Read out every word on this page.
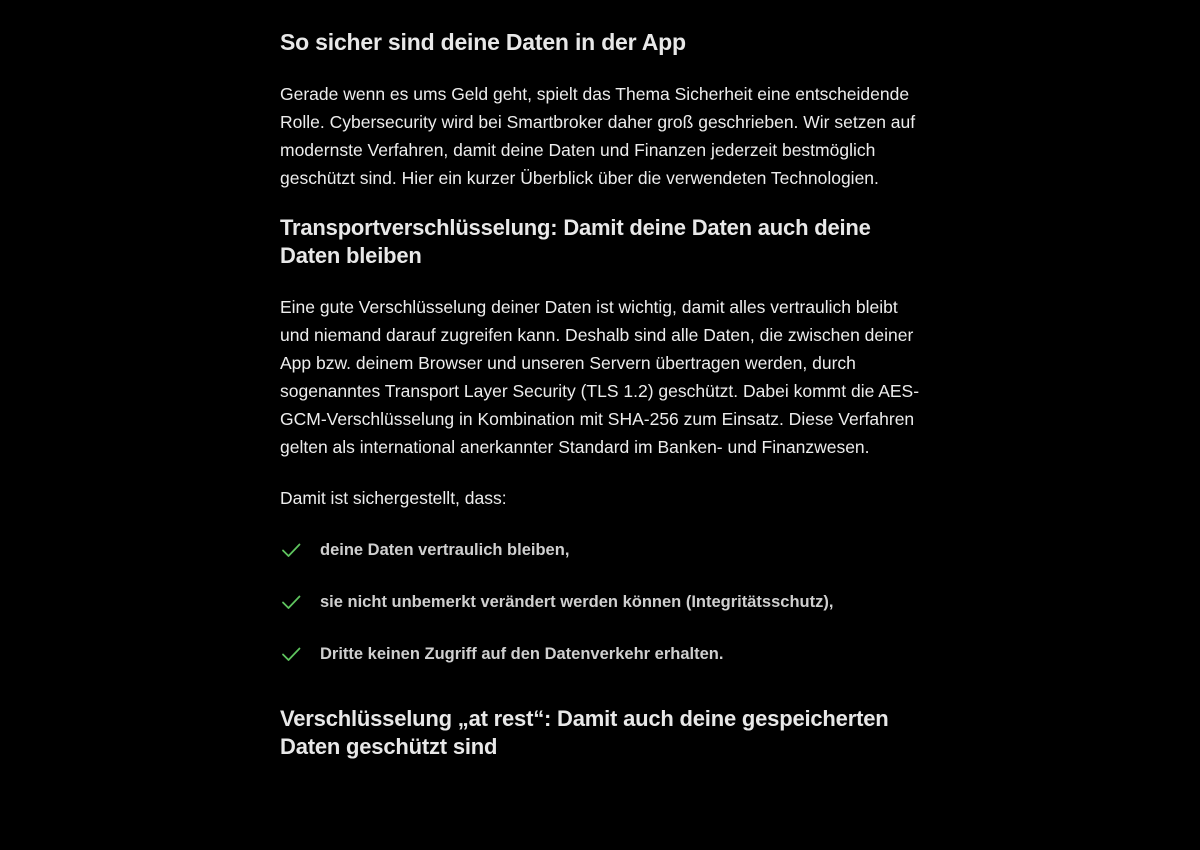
So sicher sind deine Daten in der App

Gerade wenn es ums Geld geht, spielt das Thema Sicherheit eine entscheidende Rolle. Cybersecurity wird bei Smartbroker daher groß geschrieben. Wir setzen auf modernste Verfahren, damit deine Daten und Finanzen jederzeit bestmöglich geschützt sind. Hier ein kurzer Überblick über die verwendeten Technologien.

Transportverschlüsselung: Damit deine Daten auch deine Daten bleiben

Eine gute Verschlüsselung deiner Daten ist wichtig, damit alles vertraulich bleibt und niemand darauf zugreifen kann. Deshalb sind alle Daten, die zwischen deiner App bzw. deinem Browser und unseren Servern übertragen werden, durch sogenanntes Transport Layer Security (TLS 1.2) geschützt. Dabei kommt die AES-GCM-Verschlüsselung in Kombination mit SHA-256 zum Einsatz. Diese Verfahren gelten als international anerkannter Standard im Banken- und Finanzwesen.

Damit ist sichergestellt, dass:

deine Daten vertraulich bleiben,
sie nicht unbemerkt verändert werden können (Integritätsschutz),
Dritte keinen Zugriff auf den Datenverkehr erhalten.
Verschlüsselung „at rest“: Damit auch deine gespeicherten Daten geschützt sind
